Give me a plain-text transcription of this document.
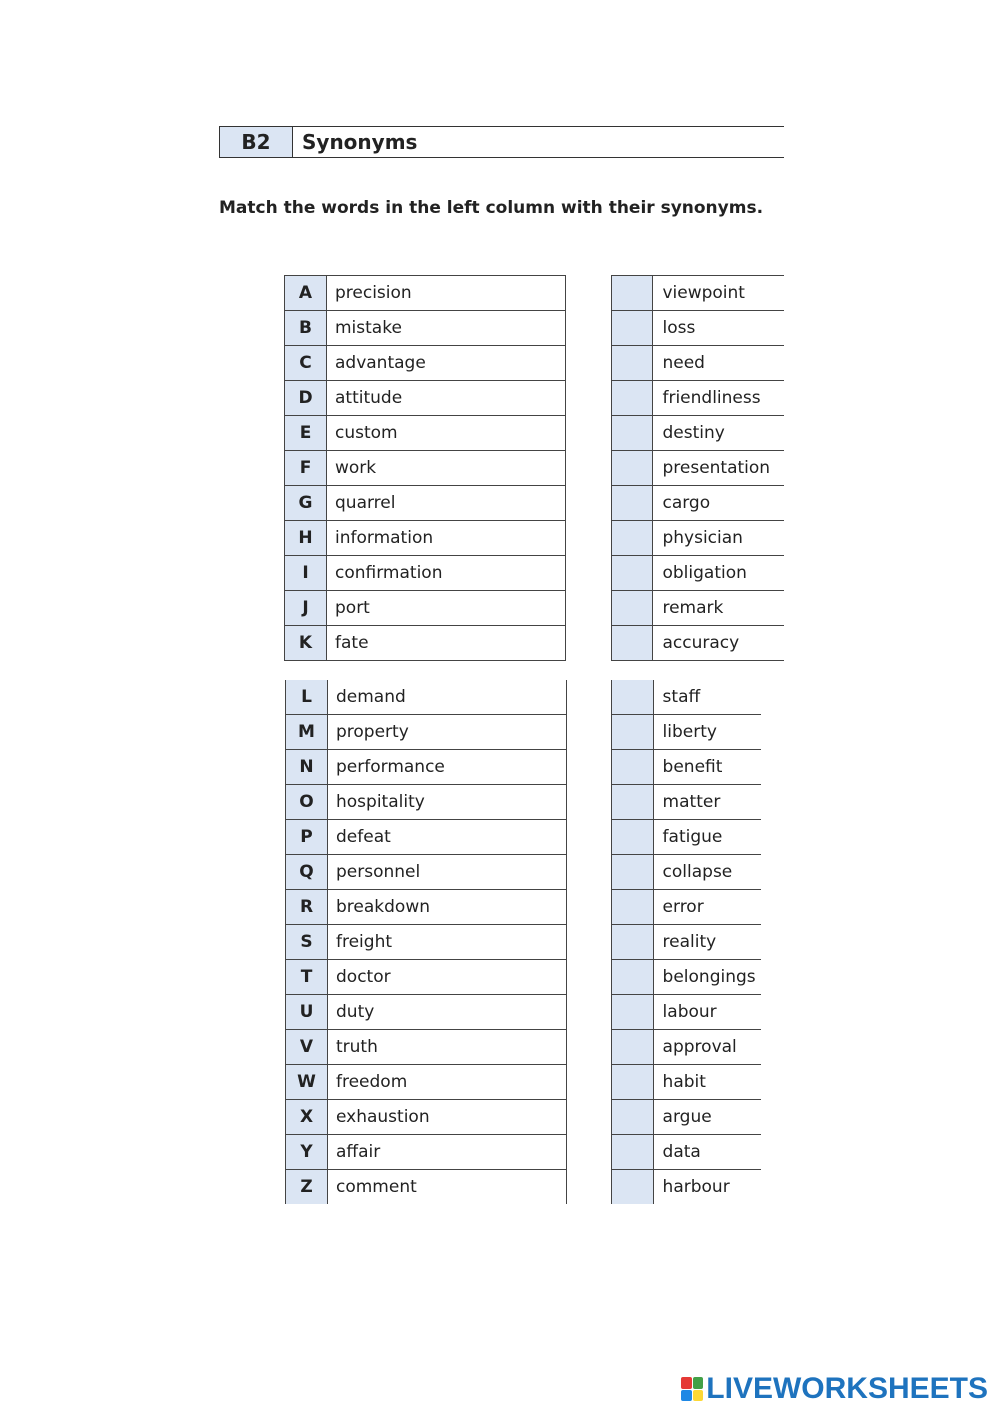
B2	Synonyms
Match the words in the left column with their synonyms.
A	precision
B	mistake
C	advantage
D	attitude
E	custom
F	work
G	quarrel
H	information
I	confirmation
J	port
K	fate
	viewpoint
	loss
	need
	friendliness
	destiny
	presentation
	cargo
	physician
	obligation
	remark
	accuracy
L	demand
M	property
N	performance
O	hospitality
P	defeat
Q	personnel
R	breakdown
S	freight
T	doctor
U	duty
V	truth
W	freedom
X	exhaustion
Y	affair
Z	comment
	staff
	liberty
	benefit
	matter
	fatigue
	collapse
	error
	reality
	belongings
	labour
	approval
	habit
	argue
	data
	harbour
LIVEWORKSHEETS
